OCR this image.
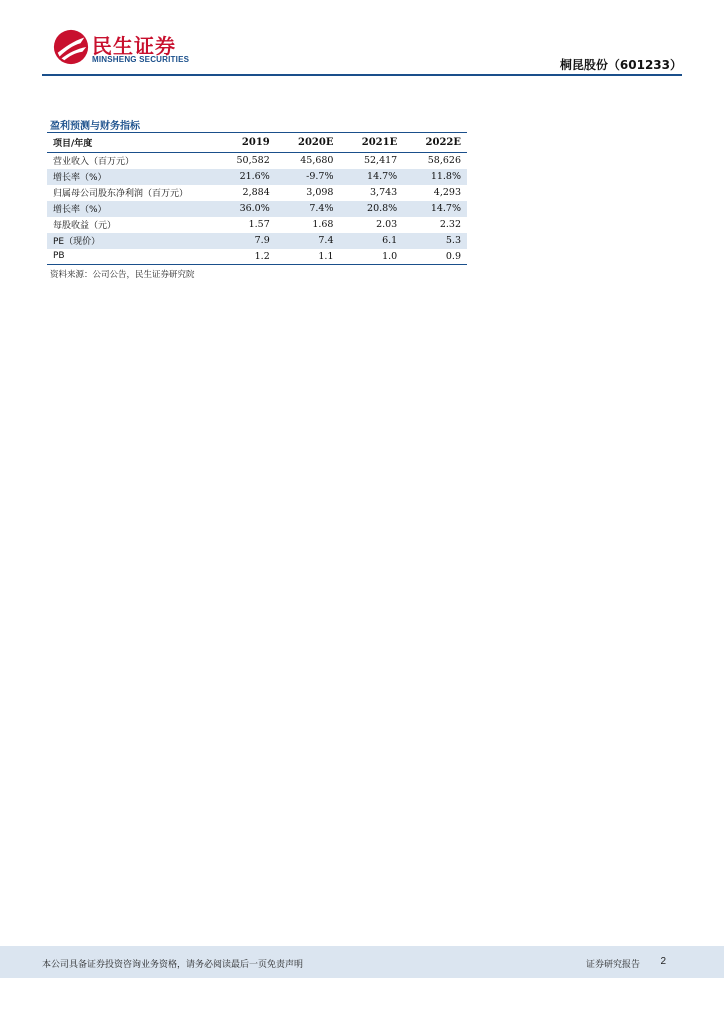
民生证券
MINSHENG SECURITIES	桐昆股份（601233）
盈利预测与财务指标
项目/年度	2019	2020E	2021E	2022E
营业收入（百万元）	50,582	45,680	52,417	58,626
增长率（%）	21.6%	-9.7%	14.7%	11.8%
归属母公司股东净利润（百万元）	2,884	3,098	3,743	4,293
增长率（%）	36.0%	7.4%	20.8%	14.7%
每股收益（元）	1.57	1.68	2.03	2.32
PE（现价）	7.9	7.4	6.1	5.3
PB	1.2	1.1	1.0	0.9
资料来源：公司公告，民生证券研究院
本公司具备证券投资咨询业务资格，请务必阅读最后一页免责声明	证券研究报告 2
